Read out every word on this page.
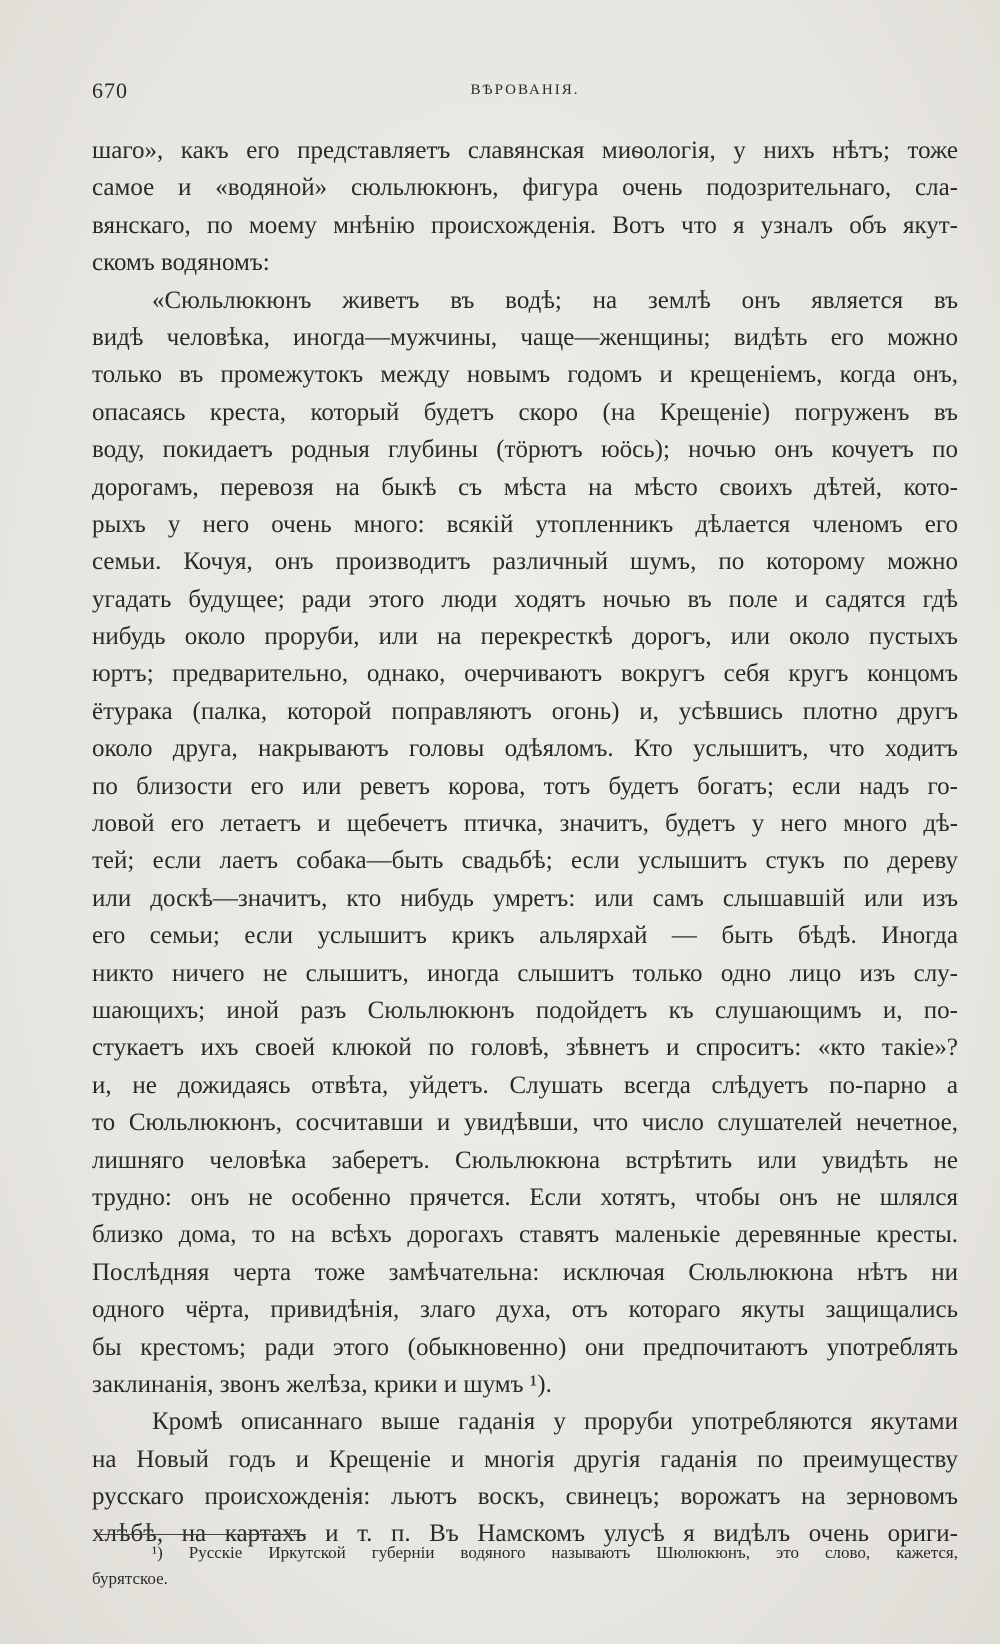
670	ВѢРОВАНІЯ.
шаго», какъ его представляетъ славянская миѳологія, у нихъ нѣтъ; тоже
самое и «водяной» сюльлюкюнъ, фигура очень подозрительнаго, сла-
вянскаго, по моему мнѣнію происхожденія. Вотъ что я узналъ объ якут-
скомъ водяномъ:
«Сюльлюкюнъ живетъ въ водѣ; на землѣ онъ является въ
видѣ человѣка, иногда—мужчины, чаще—женщины; видѣть его можно
только въ промежутокъ между новымъ годомъ и крещеніемъ, когда онъ,
опасаясь креста, который будетъ скоро (на Крещеніе) погруженъ въ
воду, покидаетъ родныя глубины (тӧрютъ юӧсь); ночью онъ кочуетъ по
дорогамъ, перевозя на быкѣ съ мѣста на мѣсто своихъ дѣтей, кото-
рыхъ у него очень много: всякій утопленникъ дѣлается членомъ его
семьи. Кочуя, онъ производитъ различный шумъ, по которому можно
угадать будущее; ради этого люди ходятъ ночью въ поле и садятся гдѣ
нибудь около проруби, или на перекресткѣ дорогъ, или около пустыхъ
юртъ; предварительно, однако, очерчиваютъ вокругъ себя кругъ концомъ
ётурака (палка, которой поправляютъ огонь) и, усѣвшись плотно другъ
около друга, накрываютъ головы одѣяломъ. Кто услышитъ, что ходитъ
по близости его или реветъ корова, тотъ будетъ богатъ; если надъ го-
ловой его летаетъ и щебечетъ птичка, значитъ, будетъ у него много дѣ-
тей; если лаетъ собака—быть свадьбѣ; если услышитъ стукъ по дереву
или доскѣ—значитъ, кто нибудь умретъ: или самъ слышавшій или изъ
его семьи; если услышитъ крикъ альлярхай — быть бѣдѣ. Иногда
никто ничего не слышитъ, иногда слышитъ только одно лицо изъ слу-
шающихъ; иной разъ Сюльлюкюнъ подойдетъ къ слушающимъ и, по-
стукаетъ ихъ своей клюкой по головѣ, зѣвнетъ и спроситъ: «кто такіе»?
и, не дожидаясь отвѣта, уйдетъ. Слушать всегда слѣдуетъ по-парно а
то Сюльлюкюнъ, сосчитавши и увидѣвши, что число слушателей нечетное,
лишняго человѣка заберетъ. Сюльлюкюна встрѣтить или увидѣть не
трудно: онъ не особенно прячется. Если хотятъ, чтобы онъ не шлялся
близко дома, то на всѣхъ дорогахъ ставятъ маленькіе деревянные кресты.
Послѣдняя черта тоже замѣчательна: исключая Сюльлюкюна нѣтъ ни
одного чёрта, привидѣнія, злаго духа, отъ котораго якуты защищались
бы крестомъ; ради этого (обыкновенно) они предпочитаютъ употреблять
заклинанія, звонъ желѣза, крики и шумъ ¹).
Кромѣ описаннаго выше гаданія у проруби употребляются якутами
на Новый годъ и Крещеніе и многія другія гаданія по преимуществу
русскаго происхожденія: льютъ воскъ, свинецъ; ворожатъ на зерновомъ
хлѣбѣ, на картахъ и т. п. Въ Намскомъ улусѣ я видѣлъ очень ориги-
¹) Русскіе Иркутской губерніи водяного называютъ Шюлюкюнъ, это слово, кажется,
бурятское.
